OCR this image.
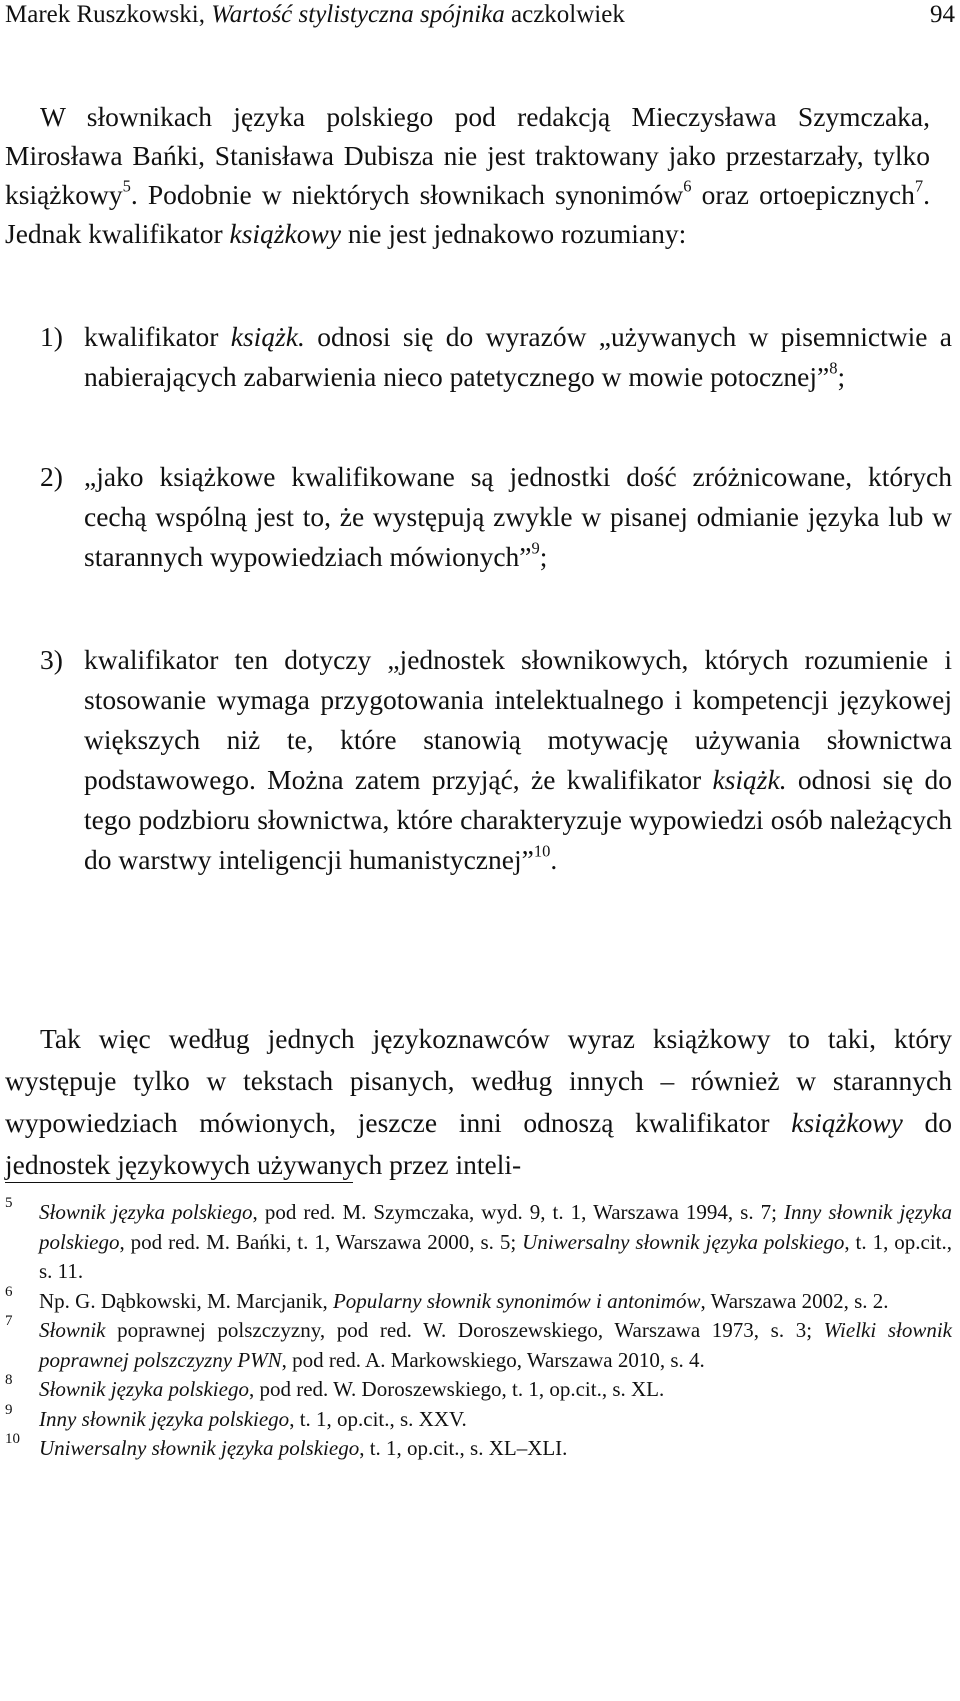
Marek Ruszkowski, Wartość stylistyczna spójnika aczkolwiek	94
W słownikach języka polskiego pod redakcją Mieczysława Szymczaka, Mirosława Bańki, Stanisława Dubisza nie jest traktowany jako przestarzały, tylko książkowy$^5$. Podobnie w niektórych słownikach synonimów$^6$ oraz ortoepicznych$^7$. Jednak kwalifikator książkowy nie jest jednakowo rozumiany:
1) kwalifikator książk. odnosi się do wyrazów „używanych w pisemnictwie a nabierających zabarwienia nieco patetycznego w mowie potocznej”$^8$;
2) „jako książkowe kwalifikowane są jednostki dość zróżnicowane, których cechą wspólną jest to, że występują zwykle w pisanej odmianie języka lub w starannych wypowiedziach mówionych”$^9$;
3) kwalifikator ten dotyczy „jednostek słownikowych, których rozumienie i stosowanie wymaga przygotowania intelektualnego i kompetencji językowej większych niż te, które stanowią motywację używania słownictwa podstawowego. Można zatem przyjąć, że kwalifikator książk. odnosi się do tego podzbioru słownictwa, które charakteryzuje wypowiedzi osób należących do warstwy inteligencji humanistycznej”$^{10}$.
Tak więc według jednych językoznawców wyraz książkowy to taki, który występuje tylko w tekstach pisanych, według innych – również w starannych wypowiedziach mówionych, jeszcze inni odnoszą kwalifikator książkowy do jednostek językowych używanych przez inteli-
5 Słownik języka polskiego, pod red. M. Szymczaka, wyd. 9, t. 1, Warszawa 1994, s. 7; Inny słownik języka polskiego, pod red. M. Bańki, t. 1, Warszawa 2000, s. 5; Uniwersalny słownik języka polskiego, t. 1, op.cit., s. 11.
6 Np. G. Dąbkowski, M. Marcjanik, Popularny słownik synonimów i antonimów, Warszawa 2002, s. 2.
7 Słownik poprawnej polszczyzny, pod red. W. Doroszewskiego, Warszawa 1973, s. 3; Wielki słownik poprawnej polszczyzny PWN, pod red. A. Markowskiego, Warszawa 2010, s. 4.
8 Słownik języka polskiego, pod red. W. Doroszewskiego, t. 1, op.cit., s. XL.
9 Inny słownik języka polskiego, t. 1, op.cit., s. XXV.
10 Uniwersalny słownik języka polskiego, t. 1, op.cit., s. XL–XLI.
